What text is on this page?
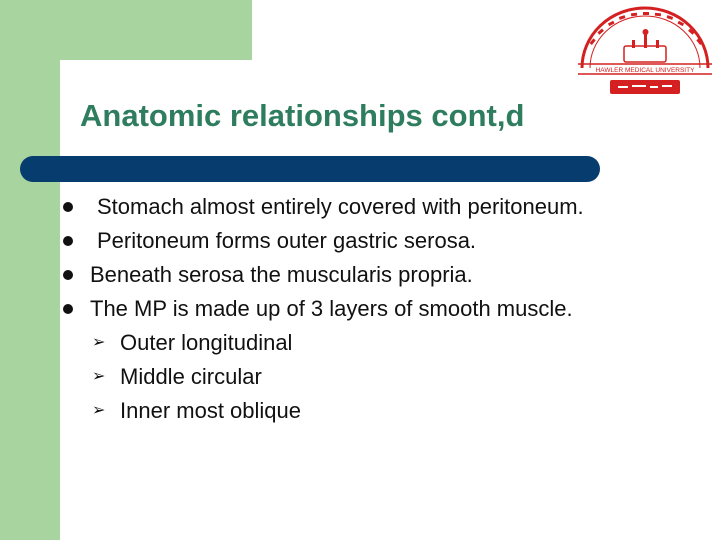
Anatomic relationships cont,d
HAWLER MEDICAL UNIVERSITY
Stomach almost entirely covered with peritoneum.
Peritoneum forms outer gastric serosa.
Beneath serosa the muscularis propria.
The MP is made up of 3 layers of smooth muscle.
➢ Outer longitudinal
➢ Middle circular
➢ Inner most oblique
